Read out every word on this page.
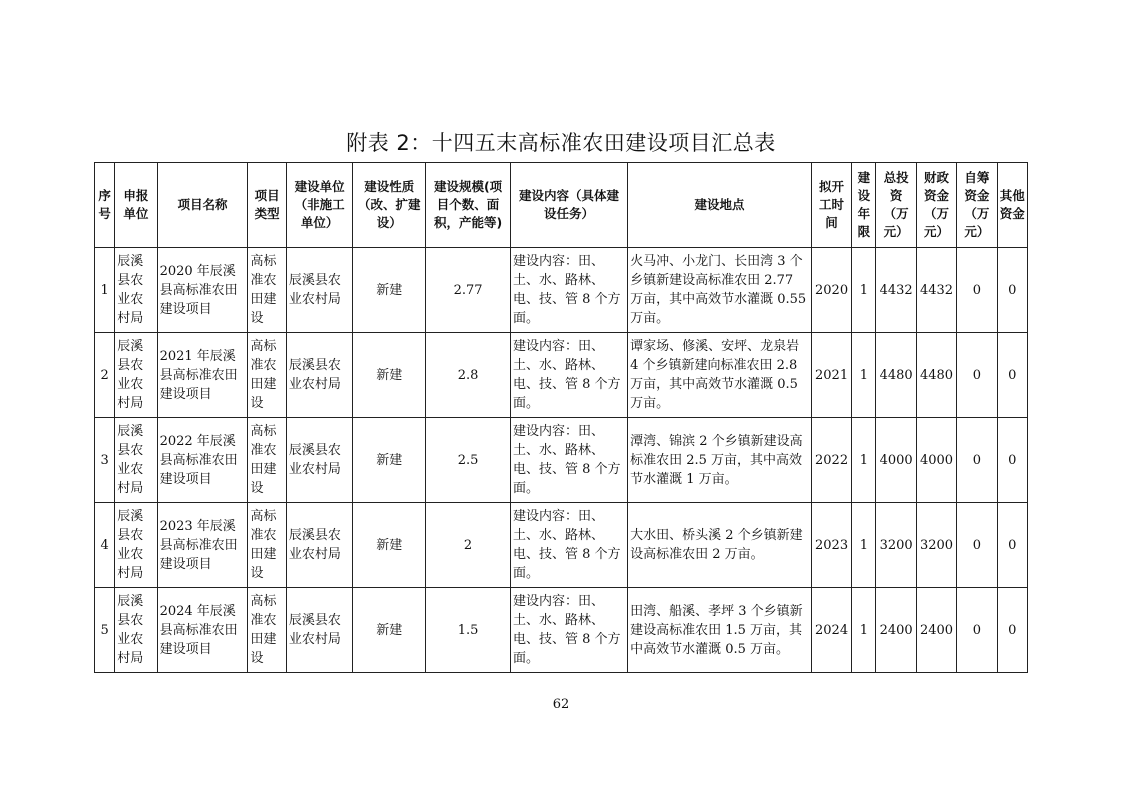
附表 2：十四五末高标准农田建设项目汇总表
序号	申报单位	项目名称	项目类型	建设单位（非施工单位）	建设性质（改、扩建设）	建设规模(项目个数、面积，产能等)	建设内容（具体建设任务）	建设地点	拟开工时间	建设年限	总投资（万元）	财政资金（万元）	自筹资金（万元）	其他资金
1	辰溪县农业农村局	2020 年辰溪县高标准农田建设项目	高标准农田建设	辰溪县农业农村局	新建	2.77	建设内容：田、土、水、路林、电、技、管 8 个方面。	火马冲、小龙门、长田湾 3 个乡镇新建设高标准农田 2.77 万亩，其中高效节水灌溉 0.55 万亩。	2020	1	4432	4432	0	0
2	辰溪县农业农村局	2021 年辰溪县高标准农田建设项目	高标准农田建设	辰溪县农业农村局	新建	2.8	建设内容：田、土、水、路林、电、技、管 8 个方面。	谭家场、修溪、安坪、龙泉岩 4 个乡镇新建向标准农田 2.8 万亩，其中高效节水灌溉 0.5 万亩。	2021	1	4480	4480	0	0
3	辰溪县农业农村局	2022 年辰溪县高标准农田建设项目	高标准农田建设	辰溪县农业农村局	新建	2.5	建设内容：田、土、水、路林、电、技、管 8 个方面。	潭湾、锦滨 2 个乡镇新建设高标准农田 2.5 万亩，其中高效节水灌溉 1 万亩。	2022	1	4000	4000	0	0
4	辰溪县农业农村局	2023 年辰溪县高标准农田建设项目	高标准农田建设	辰溪县农业农村局	新建	2	建设内容：田、土、水、路林、电、技、管 8 个方面。	大水田、桥头溪 2 个乡镇新建设高标准农田 2 万亩。	2023	1	3200	3200	0	0
5	辰溪县农业农村局	2024 年辰溪县高标准农田建设项目	高标准农田建设	辰溪县农业农村局	新建	1.5	建设内容：田、土、水、路林、电、技、管 8 个方面。	田湾、船溪、孝坪 3 个乡镇新建设高标准农田 1.5 万亩，其中高效节水灌溉 0.5 万亩。	2024	1	2400	2400	0	0
62
